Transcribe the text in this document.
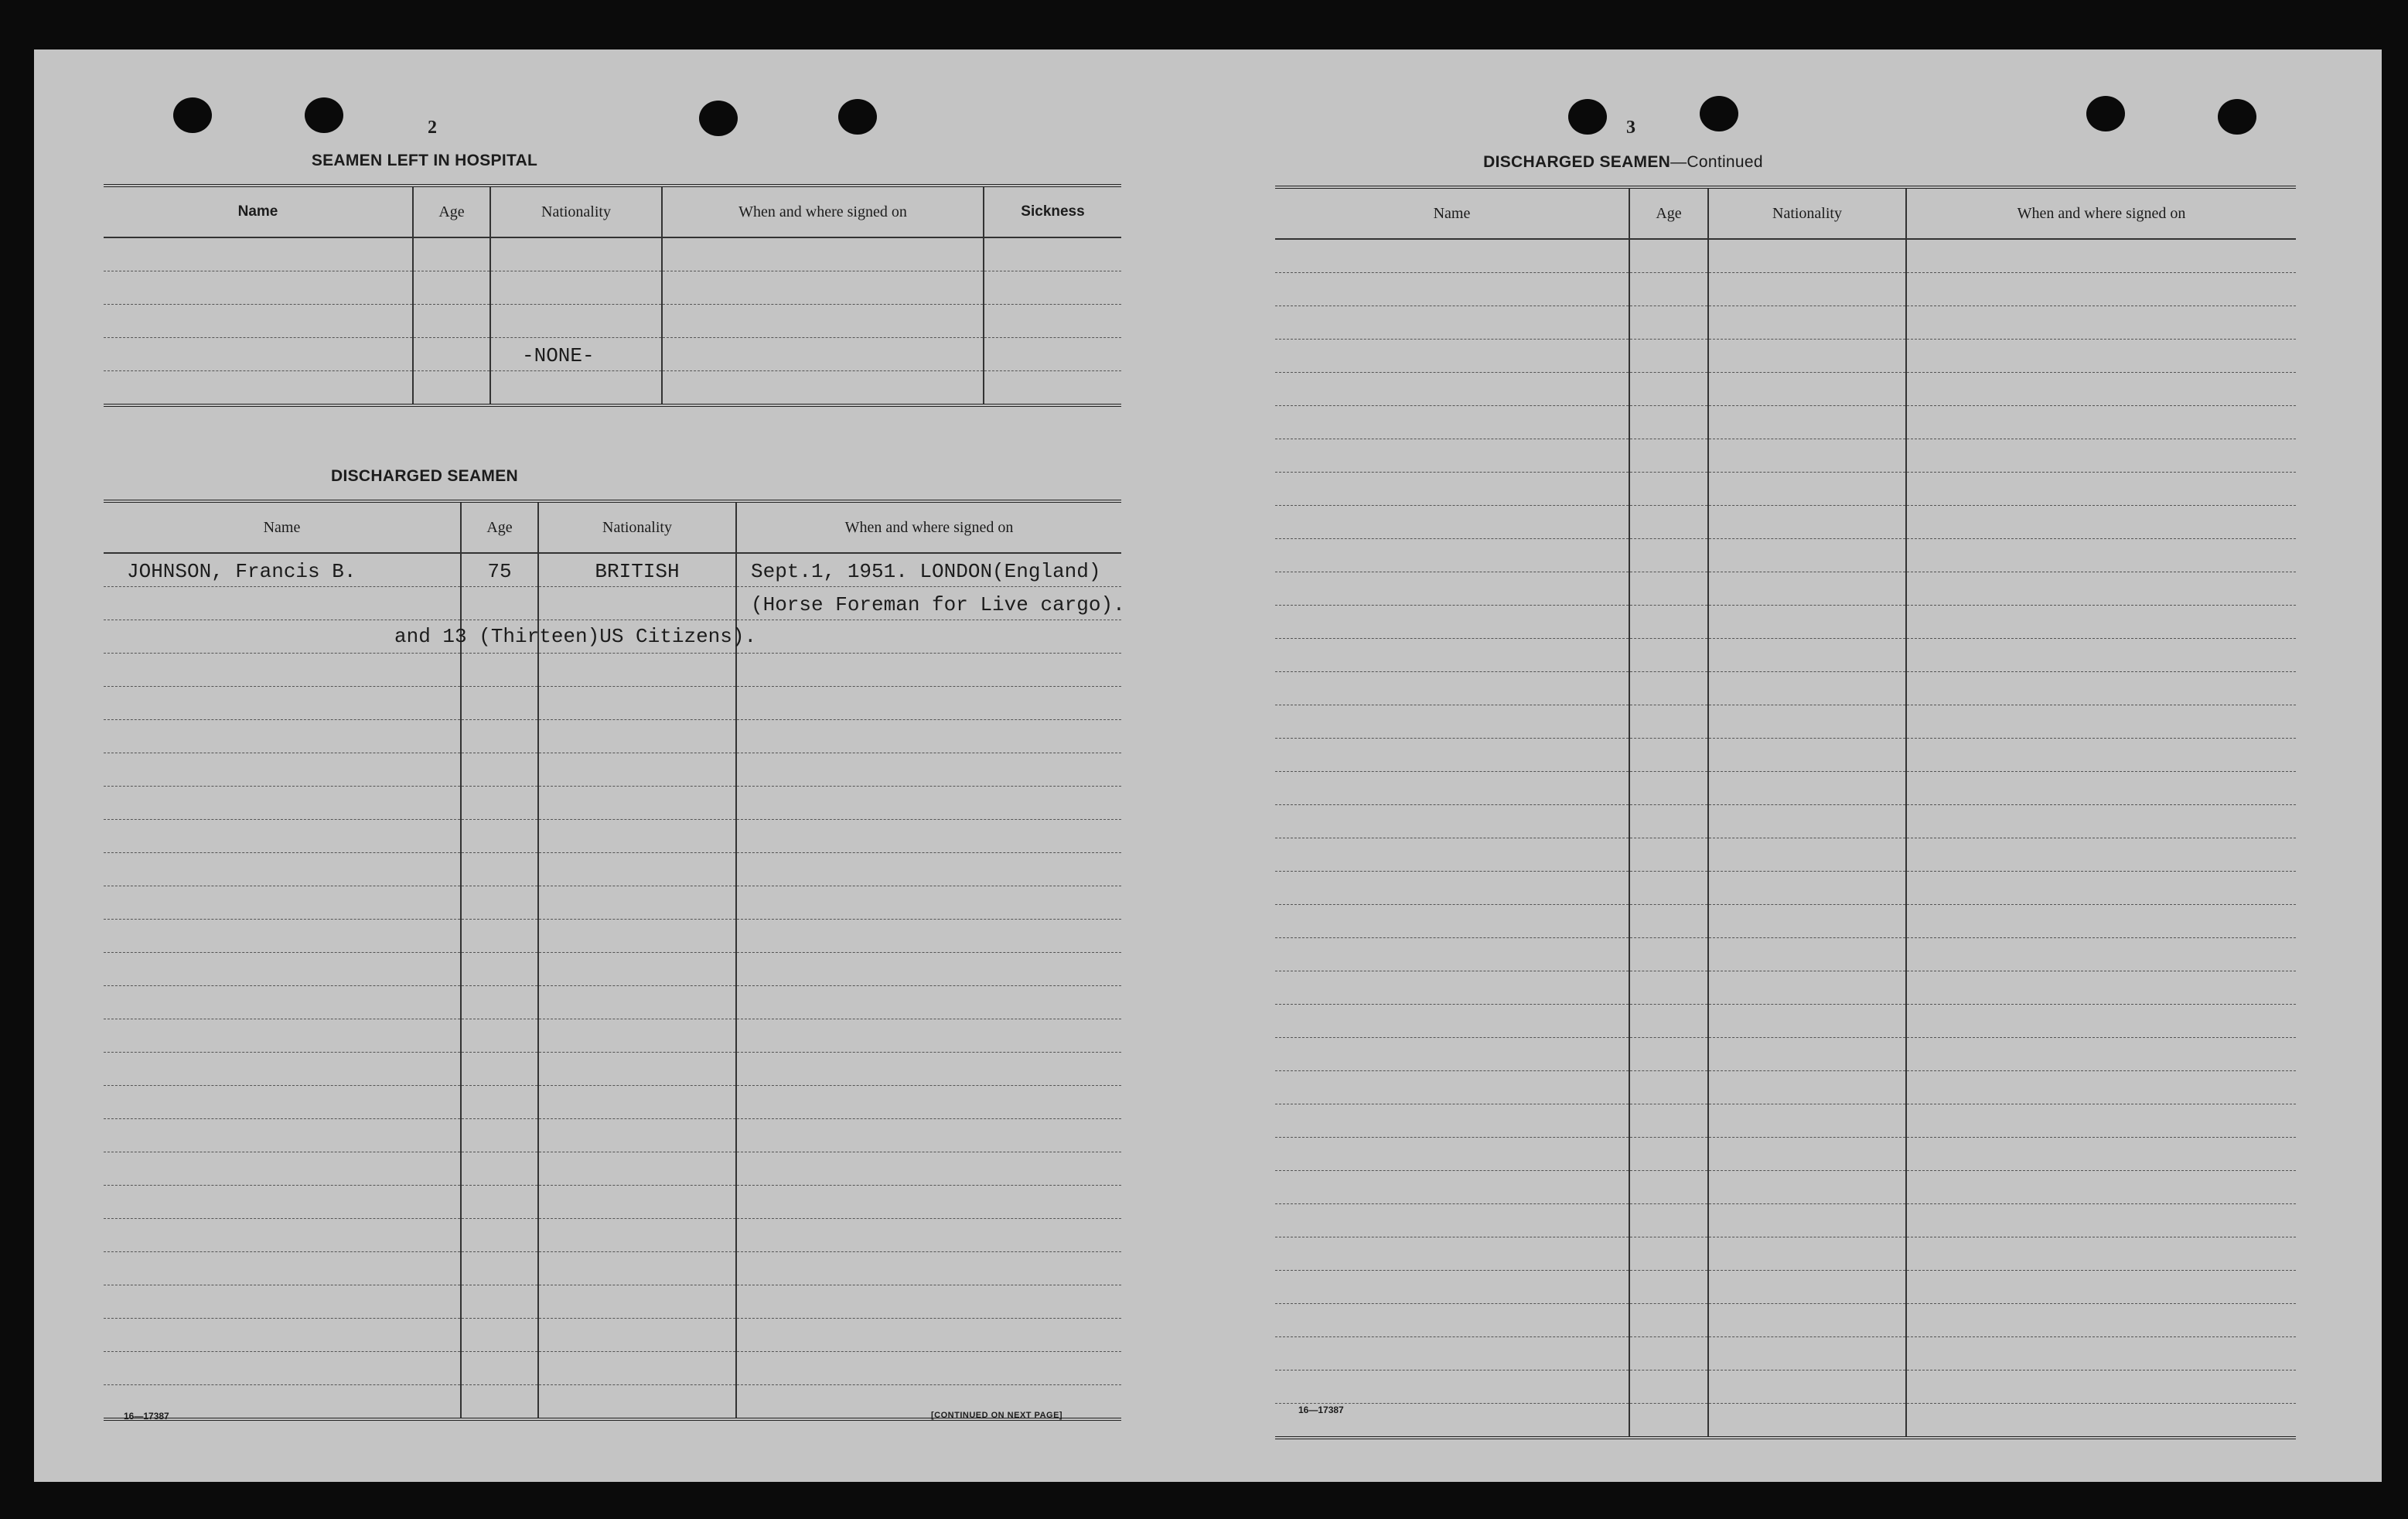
2
SEAMEN LEFT IN HOSPITAL
Name	Age	Nationality	When and where signed on	Sickness

		-NONE-		

DISCHARGED SEAMEN
Name	Age	Nationality	When and where signed on

JOHNSON, Francis B.	75	BRITISH	Sept.1, 1951. LONDON(England)

			(Horse Foreman for Live cargo).

and 13 (Thirteen)US Citizens).
16—17387	[CONTINUED ON NEXT PAGE]
3
DISCHARGED SEAMEN—Continued
Name	Age	Nationality	When and where signed on

16—17387
